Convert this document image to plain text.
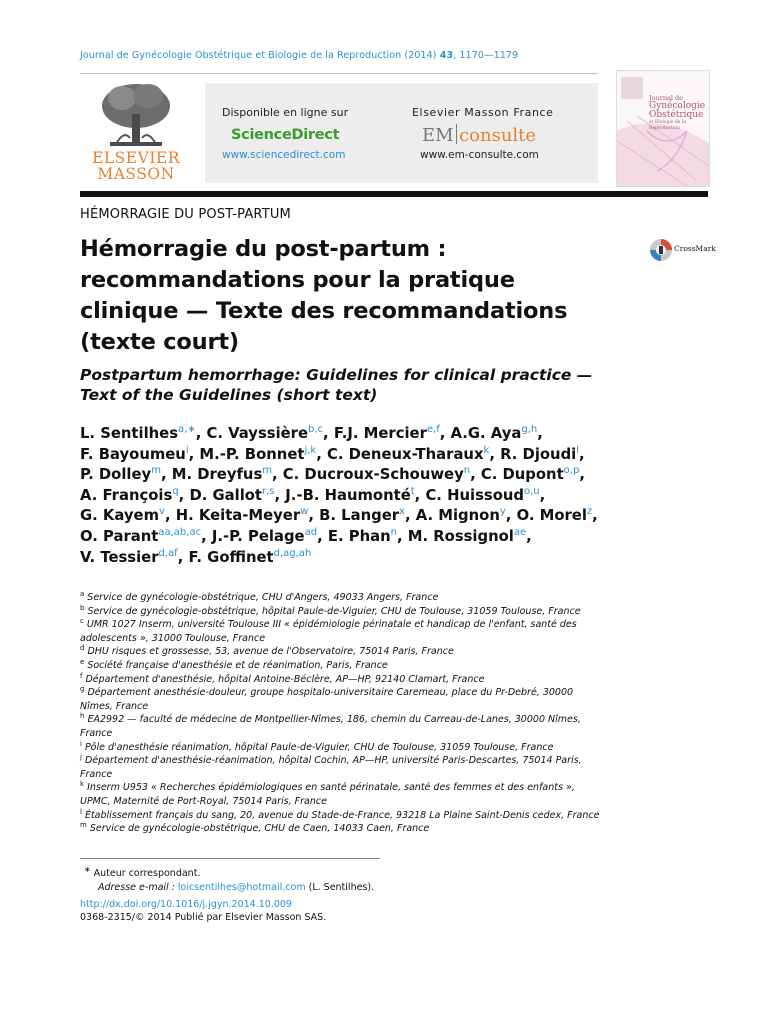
Journal de Gynécologie Obstétrique et Biologie de la Reproduction (2014) 43, 1170—1179
ELSEVIER
MASSON
Disponible en ligne sur
ScienceDirect
www.sciencedirect.com
Elsevier Masson France
EM consulte
www.em-consulte.com
Journal de
Gynécologie
Obstétrique
et Biologie de la Reproduction
HÉMORRAGIE DU POST-PARTUM
Hémorragie du post-partum :
recommandations pour la pratique
clinique — Texte des recommandations
(texte court)
CrossMark
Postpartum hemorrhage: Guidelines for clinical practice —
Text of the Guidelines (short text)
L. Sentilhes$^{a,∗}$, C. Vayssière$^{b,c}$, F.J. Mercier$^{e,f}$, A.G. Aya$^{g,h}$,
F. Bayoumeu$^i$, M.-P. Bonnet$^{j,k}$, C. Deneux-Tharaux$^k$, R. Djoudi$^l$,
P. Dolley$^m$, M. Dreyfus$^m$, C. Ducroux-Schouwey$^n$, C. Dupont$^{o,p}$,
A. François$^q$, D. Gallot$^{r,s}$, J.-B. Haumonté$^t$, C. Huissoud$^{o,u}$,
G. Kayem$^v$, H. Keita-Meyer$^w$, B. Langer$^x$, A. Mignon$^y$, O. Morel$^z$,
O. Parant$^{aa,ab,ac}$, J.-P. Pelage$^{ad}$, E. Phan$^n$, M. Rossignol$^{ae}$,
V. Tessier$^{d,af}$, F. Goffinet$^{d,ag,ah}$
$^a$ Service de gynécologie-obstétrique, CHU d'Angers, 49033 Angers, France
$^b$ Service de gynécologie-obstétrique, hôpital Paule-de-Viguier, CHU de Toulouse, 31059 Toulouse, France
$^c$ UMR 1027 Inserm, université Toulouse III « épidémiologie périnatale et handicap de l'enfant, santé des adolescents », 31000 Toulouse, France
$^d$ DHU risques et grossesse, 53, avenue de l'Observatoire, 75014 Paris, France
$^e$ Société française d'anesthésie et de réanimation, Paris, France
$^f$ Département d'anesthésie, hôpital Antoine-Béclère, AP—HP, 92140 Clamart, France
$^g$ Département anesthésie-douleur, groupe hospitalo-universitaire Caremeau, place du Pr-Debré, 30000 Nîmes, France
$^h$ EA2992 — faculté de médecine de Montpellier-Nîmes, 186, chemin du Carreau-de-Lanes, 30000 Nîmes, France
$^i$ Pôle d'anesthésie réanimation, hôpital Paule-de-Viguier, CHU de Toulouse, 31059 Toulouse, France
$^j$ Département d'anesthésie-réanimation, hôpital Cochin, AP—HP, université Paris-Descartes, 75014 Paris, France
$^k$ Inserm U953 « Recherches épidémiologiques en santé périnatale, santé des femmes et des enfants », UPMC, Maternité de Port-Royal, 75014 Paris, France
$^l$ Établissement français du sang, 20, avenue du Stade-de-France, 93218 La Plaine Saint-Denis cedex, France
$^m$ Service de gynécologie-obstétrique, CHU de Caen, 14033 Caen, France
∗ Auteur correspondant.
Adresse e-mail : loicsentilhes@hotmail.com (L. Sentilhes).
http://dx.doi.org/10.1016/j.jgyn.2014.10.009
0368-2315/© 2014 Publié par Elsevier Masson SAS.
